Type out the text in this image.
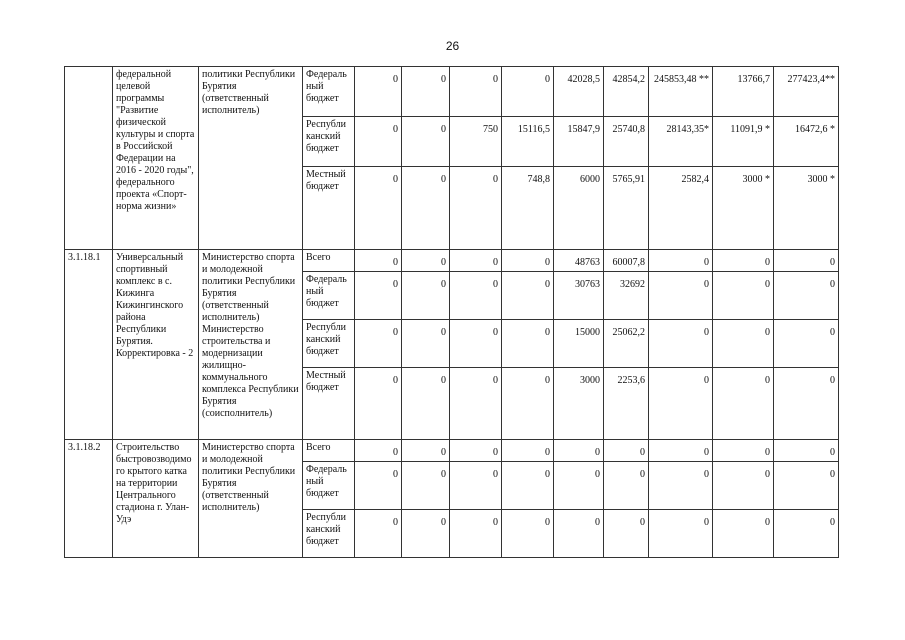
26
	федеральной целевой программы "Развитие физической культуры и спорта в Российской Федерации на 2016 - 2020 годы", федерального проекта «Спорт-норма жизни»	политики Республики Бурятия (ответственный исполнитель)	Федераль ный бюджет	0	0	0	0	42028,5	42854,2	245853,48 **	13766,7	277423,4**
			Республи канский бюджет	0	0	750	15116,5	15847,9	25740,8	28143,35*	11091,9 *	16472,6 *
			Местный бюджет	0	0	0	748,8	6000	5765,91	2582,4	3000 *	3000 *
3.1.18.1	Универсальный спортивный комплекс в с. Кижинга Кижингинского района Республики Бурятия. Корректировка - 2	Министерство спорта и молодежной политики Республики Бурятия (ответственный исполнитель) Министерство строительства и модернизации жилищно-коммунального комплекса Республики Бурятия (соисполнитель)	Всего	0	0	0	0	48763	60007,8	0	0	0
			Федераль ный бюджет	0	0	0	0	30763	32692	0	0	0
			Республи канский бюджет	0	0	0	0	15000	25062,2	0	0	0
			Местный бюджет	0	0	0	0	3000	2253,6	0	0	0
3.1.18.2	Строительство быстровозводимого крытого катка на территории Центрального стадиона г. Улан-Удэ	Министерство спорта и молодежной политики Республики Бурятия (ответственный исполнитель)	Всего	0	0	0	0	0	0	0	0	0
			Федераль ный бюджет	0	0	0	0	0	0	0	0	0
			Республи канский бюджет	0	0	0	0	0	0	0	0	0
